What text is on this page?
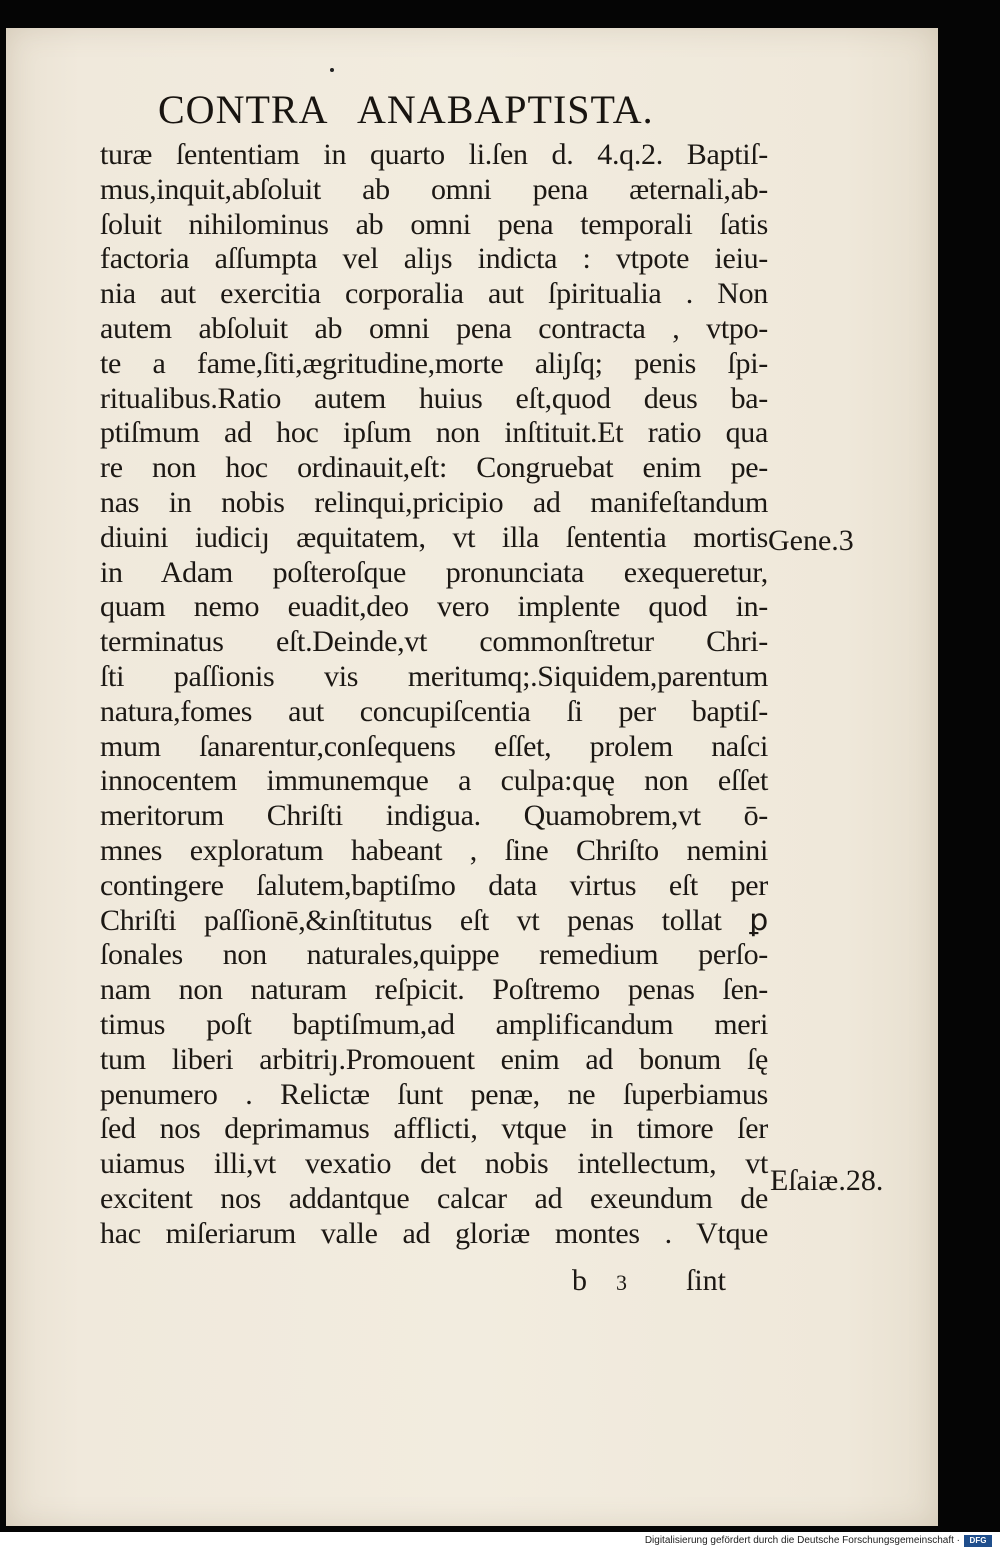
CONTRA ANABAPTISTA.
turæ ſententiam in quarto li.ſen d. 4.q.2. Baptiſ-
mus,inquit,abſoluit ab omni pena æternali,ab-
ſoluit nihilominus ab omni pena temporali ſatis
factoria aſſumpta vel aliȷs indicta : vtpote ieiu-
nia aut exercitia corporalia aut ſpiritualia . Non
autem abſoluit ab omni pena contracta , vtpo-
te a fame,ſiti,ægritudine,morte aliȷſq; penis ſpi-
ritualibus.Ratio autem huius eſt,quod deus ba-
ptiſmum ad hoc ipſum non inſtituit.Et ratio qua
re non hoc ordinauit,eſt: Congruebat enim pe-
nas in nobis relinqui,pricipio ad manifeſtandum
diuini iudiciȷ æquitatem, vt illa ſententia mortis
in Adam poſteroſque pronunciata exequeretur,
quam nemo euadit,deo vero implente quod in-
terminatus eſt.Deinde,vt commonſtretur Chri-
ſti paſſionis vis meritumq;.Siquidem,parentum
natura,fomes aut concupiſcentia ſi per baptiſ-
mum ſanarentur,conſequens eſſet, prolem naſci
innocentem immunemque a culpa:quę non eſſet
meritorum Chriſti indigua. Quamobrem,vt ō-
mnes exploratum habeant , ſine Chriſto nemini
contingere ſalutem,baptiſmo data virtus eſt per
Chriſti paſſionē,&inſtitutus eſt vt penas tollat ꝑ
ſonales non naturales,quippe remedium perſo-
nam non naturam reſpicit. Poſtremo penas ſen-
timus poſt baptiſmum,ad amplificandum meri
tum liberi arbitriȷ.Promouent enim ad bonum ſę
penumero . Relictæ ſunt penæ, ne ſuperbiamus
ſed nos deprimamus afflicti, vtque in timore ſer
uiamus illi,vt vexatio det nobis intellectum, vt
excitent nos addantque calcar ad exeundum de
hac miſeriarum valle ad gloriæ montes . Vtque
Gene.3
Eſaiæ.28.
b 3 ſint
Digitalisierung gefördert durch die Deutsche Forschungsgemeinschaft ·	DFG
